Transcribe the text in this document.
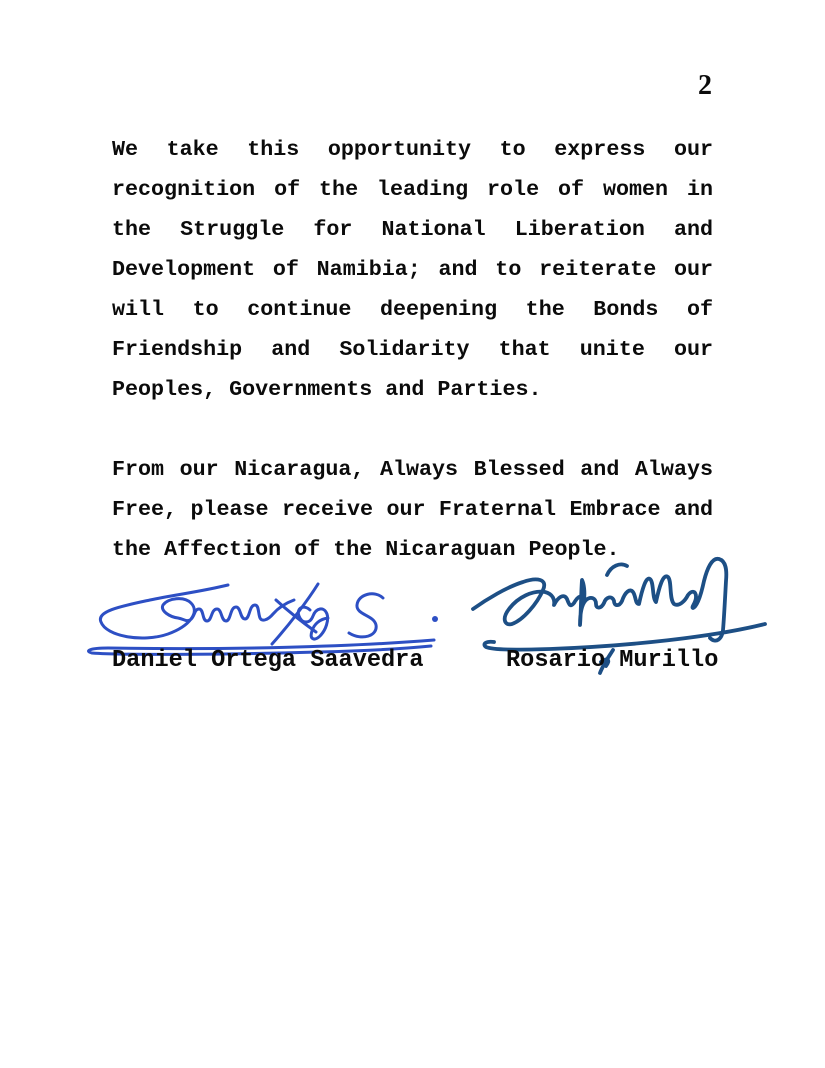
2

We take this opportunity to express our recognition of the leading role of women in the Struggle for National Liberation and Development of Namibia; and to reiterate our will to continue deepening the Bonds of Friendship and Solidarity that unite our Peoples, Governments and Parties.

From our Nicaragua, Always Blessed and Always Free, please receive our Fraternal Embrace and the Affection of the Nicaraguan People.

Daniel Ortega Saavedra	Rosario Murillo
